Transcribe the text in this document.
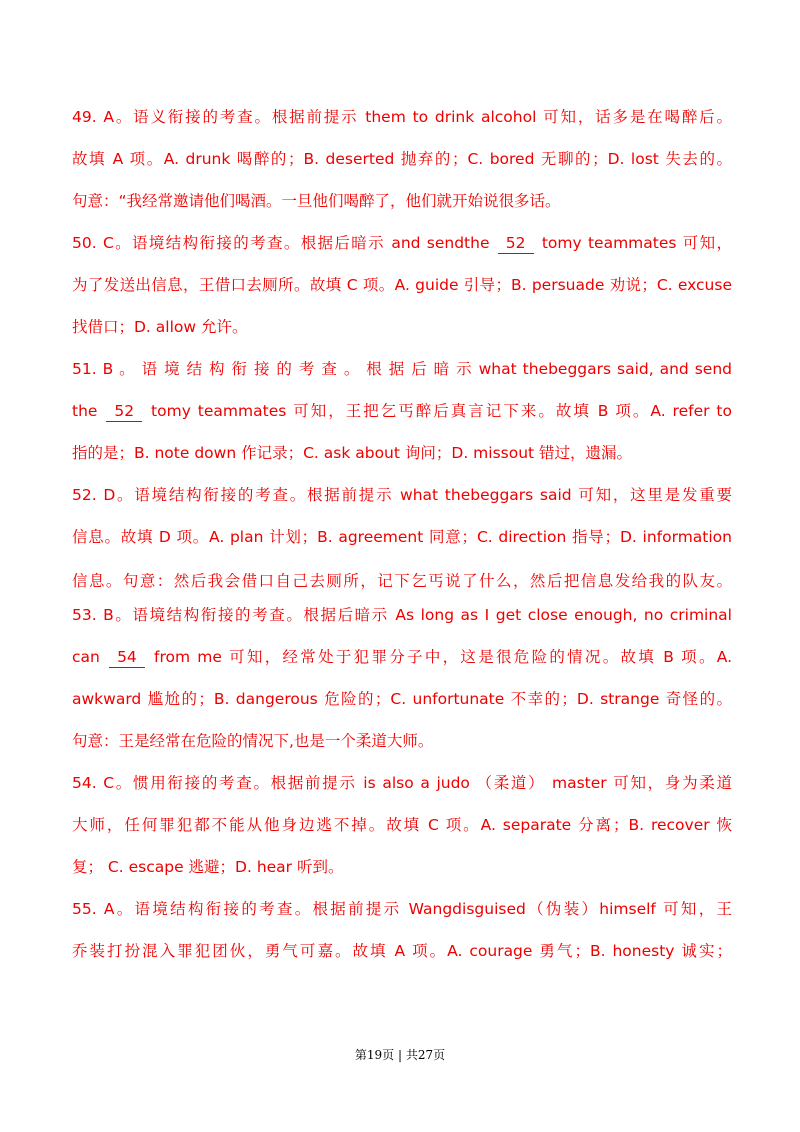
49. A。语义衔接的考查。根据前提示 them to drink alcohol 可知，话多是在喝醉后。
故填 A 项。A. drunk 喝醉的；B. deserted 抛弃的；C. bored 无聊的；D. lost 失去的。
句意：“我经常邀请他们喝酒。一旦他们喝醉了，他们就开始说很多话。
50. C。语境结构衔接的考查。根据后暗示 and sendthe 52 tomy teammates 可知，
为了发送出信息，王借口去厕所。故填 C 项。A. guide 引导；B. persuade 劝说；C. excuse
找借口；D. allow 允许。
51. B 。 语 境 结 构 衔 接 的 考 查 。 根 据 后 暗 示 what thebeggars said, and send
the 52 tomy teammates 可知，王把乞丐醉后真言记下来。故填 B 项。A. refer to
指的是；B. note down 作记录；C. ask about 询问；D. missout 错过，遗漏。
52. D。语境结构衔接的考查。根据前提示 what thebeggars said 可知，这里是发重要
信息。故填 D 项。A. plan 计划；B. agreement 同意；C. direction 指导；D. information
信息。句意：然后我会借口自己去厕所，记下乞丐说了什么，然后把信息发给我的队友。
53. B。语境结构衔接的考查。根据后暗示 As long as I get close enough, no criminal
can 54 from me 可知，经常处于犯罪分子中，这是很危险的情况。故填 B 项。A.
awkward 尴尬的；B. dangerous 危险的；C. unfortunate 不幸的；D. strange 奇怪的。
句意：王是经常在危险的情况下,也是一个柔道大师。
54. C。惯用衔接的考查。根据前提示 is also a judo （柔道） master 可知，身为柔道
大师，任何罪犯都不能从他身边逃不掉。故填 C 项。A. separate 分离；B. recover 恢
复； C. escape 逃避；D. hear 听到。
55. A。语境结构衔接的考查。根据前提示 Wangdisguised（伪装）himself 可知，王
乔装打扮混入罪犯团伙，勇气可嘉。故填 A 项。A. courage 勇气；B. honesty 诚实；
第19页 | 共27页
